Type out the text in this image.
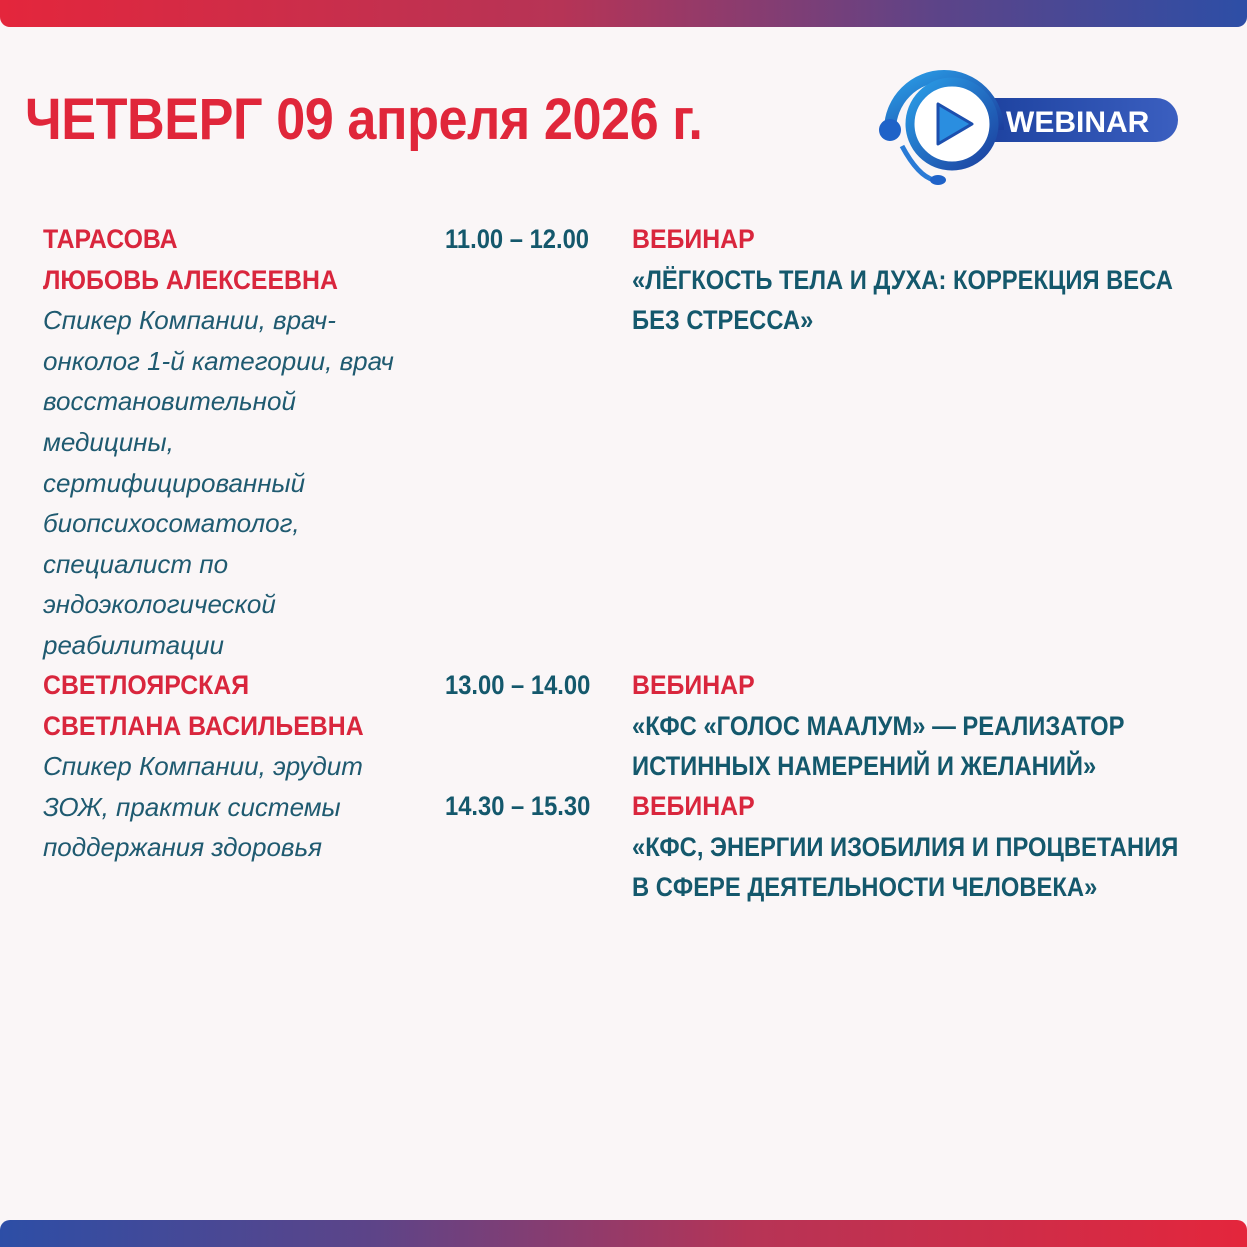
ЧЕТВЕРГ 09 апреля 2026 г.	WEBINAR
ТАРАСОВА
ЛЮБОВЬ АЛЕКСЕЕВНА
Спикер Компании, врач-
онколог 1-й категории, врач
восстановительной
медицины,
сертифицированный
биопсихосоматолог,
специалист по
эндоэкологической
реабилитации
11.00 – 12.00 ВЕБИНАР
«ЛЁГКОСТЬ ТЕЛА И ДУХА: КОРРЕКЦИЯ ВЕСА
БЕЗ СТРЕССА»
СВЕТЛОЯРСКАЯ
СВЕТЛАНА ВАСИЛЬЕВНА
Спикер Компании, эрудит
ЗОЖ, практик системы
поддержания здоровья
13.00 – 14.00 ВЕБИНАР
«КФС «ГОЛОС МААЛУМ» — РЕАЛИЗАТОР
ИСТИННЫХ НАМЕРЕНИЙ И ЖЕЛАНИЙ»
14.30 – 15.30 ВЕБИНАР
«КФС, ЭНЕРГИИ ИЗОБИЛИЯ И ПРОЦВЕТАНИЯ
В СФЕРЕ ДЕЯТЕЛЬНОСТИ ЧЕЛОВЕКА»
